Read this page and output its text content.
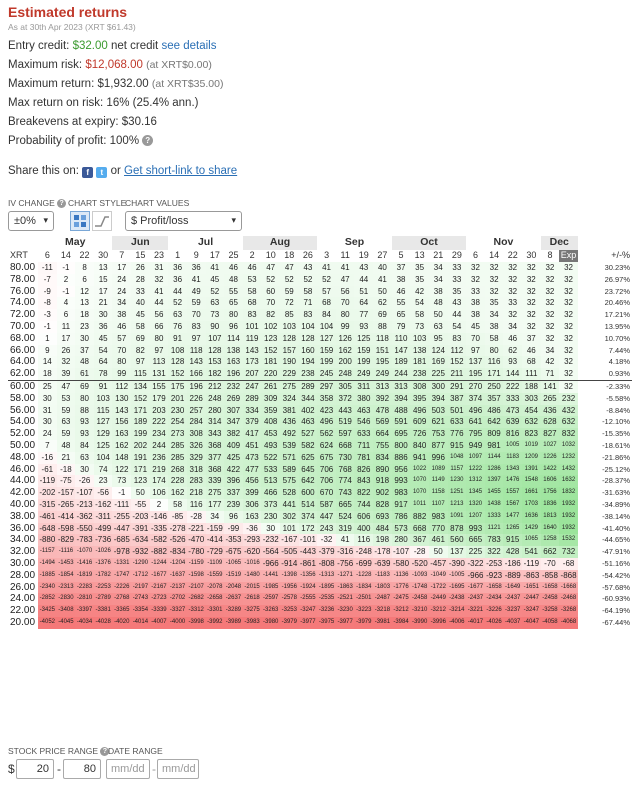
Estimated returns
As at 30th Apr 2023 (XRT $61.43)
Entry credit: $32.00 net credit see details
Maximum risk: $12,068.00 (at XRT$0.00)
Maximum return: $1,932.00 (at XRT$35.00)
Max return on risk: 16% (25.4% ann.)
Breakevens at expiry: $30.16
Probability of profit: 100% ?
Share this on: f t or Get short-link to share
IV CHANGE ?
±0% ▾
CHART STYLE
CHART VALUES
$ Profit/loss	▾
	May				Jun			Jul				Aug				Sep				Oct				Nov				Dec		
XRT	6	14	22	30	7	15	23	1	9	17	25	2	10	18	26	3	11	19	27	5	13	21	29	6	14	22	30	8	Exp	+/-%
80.00	-11	-1	8	13	17	26	31	36	36	41	46	46	47	47	43	41	41	43	40	37	35	34	33	32	32	32	32	32	32	30.23%
78.00	-7	2	6	15	24	28	32	36	41	45	48	53	52	52	52	52	47	44	41	38	35	34	33	32	32	32	32	32	32	26.97%
76.00	-9	-1	12	17	24	33	41	44	49	52	55	58	60	59	58	57	56	51	50	46	42	38	35	33	32	32	32	32	32	23.72%
74.00	-8	4	13	21	34	40	44	52	59	63	65	68	70	72	71	68	70	64	62	55	54	48	43	38	35	33	32	32	32	20.46%
72.00	-3	6	18	30	38	45	56	63	70	73	80	83	82	85	83	84	80	77	69	65	58	50	44	38	34	32	32	32	32	17.21%
70.00	-1	11	23	36	46	58	66	76	83	90	96	101	102	103	104	104	99	93	88	79	73	63	54	45	38	34	32	32	32	13.95%
68.00	1	17	30	45	57	69	80	91	97	107	114	119	123	128	128	127	126	125	118	110	103	95	83	70	58	46	37	32	32	10.70%
66.00	9	26	37	54	70	82	97	108	118	128	138	143	152	157	160	159	162	159	151	147	138	124	112	97	80	62	46	34	32	7.44%
64.00	14	32	48	64	80	97	113	128	143	153	163	173	181	190	194	199	200	199	195	189	181	169	152	137	116	93	68	42	32	4.18%
62.00	18	39	61	78	99	115	131	152	166	182	196	207	220	229	238	245	248	249	249	244	238	225	211	195	171	144	111	71	32	0.93%
60.00	25	47	69	91	112	134	155	175	196	212	232	247	261	275	289	297	305	311	313	313	308	300	291	270	250	222	188	141	32	-2.33%
58.00	30	53	80	103	130	152	179	201	226	248	269	289	309	324	344	358	372	380	392	394	395	394	387	374	357	333	303	265	232	-5.58%
56.00	31	59	88	115	143	171	203	230	257	280	307	334	359	381	402	423	443	463	478	488	496	503	501	496	486	473	454	436	432	-8.84%
54.00	30	63	93	127	156	189	222	254	284	314	347	379	408	436	463	496	519	546	569	591	609	621	633	641	642	639	632	628	632	-12.10%
52.00	24	59	93	129	163	199	234	273	308	343	382	417	453	492	527	562	597	633	664	695	726	753	776	795	809	816	823	827	832	-15.35%
50.00	7	48	84	125	162	202	244	285	326	368	409	451	493	539	582	624	668	711	755	800	840	877	915	949	981	1005	1019	1027	1032	-18.61%
48.00	-16	21	63	104	148	191	236	285	329	377	425	473	522	571	625	675	730	781	834	886	941	996	1048	1097	1144	1183	1209	1226	1232	-21.86%
46.00	-61	-18	30	74	122	171	219	268	318	368	422	477	533	589	645	706	768	826	890	956	1022	1089	1157	1222	1286	1343	1391	1422	1432	-25.12%
44.00	-119	-75	-26	23	73	123	174	228	283	339	396	456	513	575	642	706	774	843	918	993	1070	1149	1230	1312	1397	1476	1548	1606	1632	-28.37%
42.00	-202	-157	-107	-56	-1	50	106	162	218	275	337	399	466	528	600	670	743	822	902	983	1070	1158	1251	1345	1455	1557	1661	1756	1832	-31.63%
40.00	-315	-265	-213	-162	-111	-55	2	58	116	177	239	306	373	441	514	587	665	744	828	917	1011	1107	1213	1320	1438	1567	1703	1836	1932	-34.89%
38.00	-461	-414	-362	-311	-255	-203	-146	-85	-28	34	96	163	230	302	374	447	524	606	693	786	882	983	1091	1207	1333	1477	1636	1813	1932	-38.14%
36.00	-648	-598	-550	-499	-447	-391	-335	-278	-221	-159	-99	-36	30	101	172	243	319	400	484	573	668	770	878	993	1121	1265	1429	1640	1932	-41.40%
34.00	-880	-829	-783	-736	-685	-634	-582	-526	-470	-414	-353	-293	-232	-167	-101	-32	41	116	198	280	367	461	560	665	783	915	1065	1258	1532	-44.65%
32.00	-1157	-1116	-1070	-1026	-978	-932	-882	-834	-780	-729	-675	-620	-564	-505	-443	-379	-316	-248	-178	-107	-28	50	137	225	322	428	541	662	732	-47.91%
30.00	-1494	-1453	-1416	-1376	-1331	-1290	-1244	-1204	-1159	-1109	-1065	-1016	-966	-914	-861	-808	-756	-699	-639	-580	-520	-457	-390	-322	-253	-186	-119	-70	-68	-51.16%
28.00	-1885	-1854	-1819	-1782	-1747	-1712	-1677	-1637	-1598	-1559	-1519	-1480	-1441	-1398	-1356	-1313	-1271	-1228	-1183	-1136	-1093	-1049	-1005	-966	-923	-889	-863	-858	-868	-54.42%
26.00	-2340	-2313	-2283	-2253	-2226	-2197	-2167	-2137	-2107	-2078	-2048	-2015	-1985	-1956	-1924	-1895	-1863	-1834	-1803	-1776	-1748	-1722	-1695	-1677	-1658	-1649	-1651	-1658	-1668	-57.68%
24.00	-2852	-2830	-2810	-2789	-2768	-2743	-2723	-2702	-2682	-2658	-2637	-2618	-2597	-2578	-2555	-2535	-2521	-2501	-2487	-2475	-2458	-2449	-2438	-2437	-2434	-2437	-2447	-2458	-2468	-60.93%
22.00	-3425	-3408	-3397	-3381	-3365	-3354	-3339	-3327	-3312	-3301	-3289	-3275	-3263	-3253	-3247	-3236	-3230	-3223	-3218	-3212	-3210	-3212	-3214	-3221	-3226	-3237	-3247	-3258	-3268	-64.19%
20.00	-4052	-4045	-4034	-4028	-4020	-4014	-4007	-4000	-3998	-3992	-3989	-3983	-3980	-3979	-3977	-3975	-3977	-3979	-3981	-3984	-3990	-3996	-4006	-4017	-4026	-4037	-4047	-4058	-4068	-67.44%
STOCK PRICE RANGE ? DATE RANGE
$	20 -	80	mm/dd - mm/dd
